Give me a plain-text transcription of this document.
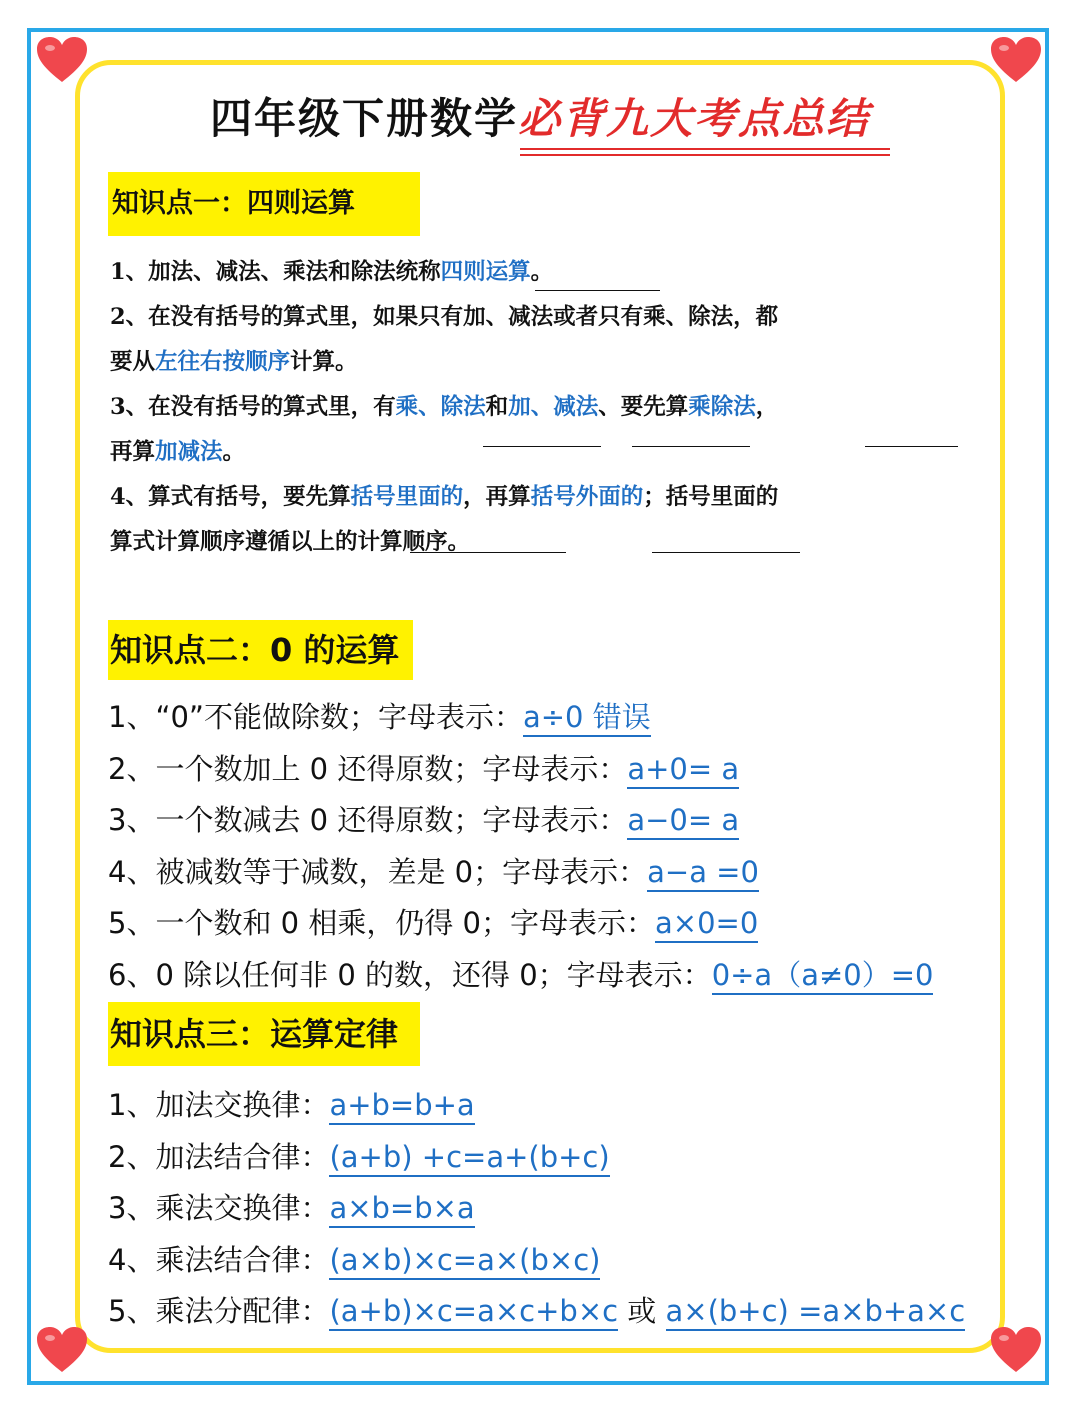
四年级下册数学必背九大考点总结
知识点一：四则运算
1、加法、减法、乘法和除法统称四则运算。
2、在没有括号的算式里，如果只有加、减法或者只有乘、除法，都
要从左往右按顺序计算。
3、在没有括号的算式里，有乘、除法和加、减法、要先算乘除法，
再算加减法。
4、算式有括号，要先算括号里面的，再算括号外面的；括号里面的
算式计算顺序遵循以上的计算顺序。
知识点二：0 的运算
1、“0”不能做除数；字母表示：a÷0 错误
2、一个数加上 0 还得原数；字母表示：a+0= a
3、一个数减去 0 还得原数；字母表示：a−0= a
4、被减数等于减数，差是 0；字母表示：a−a =0
5、一个数和 0 相乘，仍得 0；字母表示：a×0=0
6、0 除以任何非 0 的数，还得 0；字母表示：0÷a（a≠0）=0
知识点三：运算定律
1、加法交换律：a+b=b+a
2、加法结合律：(a+b) +c=a+(b+c)
3、乘法交换律：a×b=b×a
4、乘法结合律：(a×b)×c=a×(b×c)
5、乘法分配律：(a+b)×c=a×c+b×c 或 a×(b+c) =a×b+a×c
